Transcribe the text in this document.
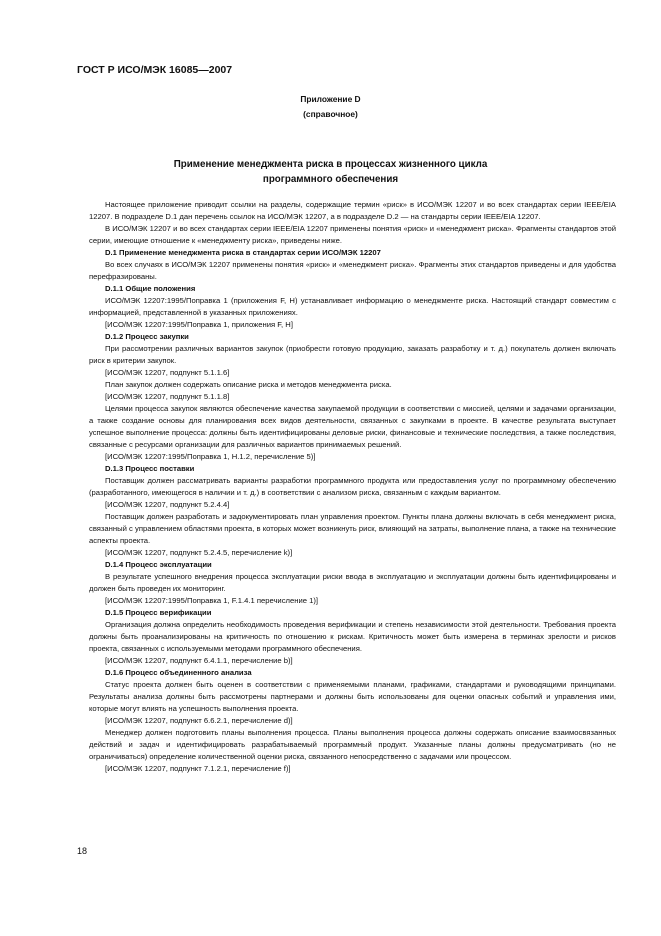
ГОСТ Р ИСО/МЭК 16085—2007
Приложение D
(справочное)
Применение менеджмента риска в процессах жизненного цикла
программного обеспечения

Настоящее приложение приводит ссылки на разделы, содержащие термин «риск» в ИСО/МЭК 12207 и во всех стандартах серии IEEE/EIA 12207. В подразделе D.1 дан перечень ссылок на ИСО/МЭК 12207, а в подразделе D.2 — на стандарты серии IEEE/EIA 12207.

В ИСО/МЭК 12207 и во всех стандартах серии IEEE/EIA 12207 применены понятия «риск» и «менеджмент риска». Фрагменты стандартов этой серии, имеющие отношение к «менеджменту риска», приведены ниже.

D.1 Применение менеджмента риска в стандартах серии ИСО/МЭК 12207

Во всех случаях в ИСО/МЭК 12207 применены понятия «риск» и «менеджмент риска». Фрагменты этих стандартов приведены и для удобства перефразированы.

D.1.1 Общие положения

ИСО/МЭК 12207:1995/Поправка 1 (приложения F, H) устанавливает информацию о менеджменте риска. Настоящий стандарт совместим с информацией, представленной в указанных приложениях.

[ИСО/МЭК 12207:1995/Поправка 1, приложения F, H]

D.1.2 Процесс закупки

При рассмотрении различных вариантов закупок (приобрести готовую продукцию, заказать разработку и т. д.) покупатель должен включать риск в критерии закупок.

[ИСО/МЭК 12207, подпункт 5.1.1.6]

План закупок должен содержать описание риска и методов менеджмента риска.

[ИСО/МЭК 12207, подпункт 5.1.1.8]

Целями процесса закупок являются обеспечение качества закупаемой продукции в соответствии с миссией, целями и задачами организации, а также создание основы для планирования всех видов деятельности, связанных с закупками в проекте. В качестве результата выступает успешное выполнение процесса: должны быть идентифицированы деловые риски, финансовые и технические последствия, а также последствия, связанные с ресурсами организации для различных вариантов принимаемых решений.

[ИСО/МЭК 12207:1995/Поправка 1, H.1.2, перечисление 5)]

D.1.3 Процесс поставки

Поставщик должен рассматривать варианты разработки программного продукта или предоставления услуг по программному обеспечению (разработанного, имеющегося в наличии и т. д.) в соответствии с анализом риска, связанным с каждым вариантом.

[ИСО/МЭК 12207, подпункт 5.2.4.4]

Поставщик должен разработать и задокументировать план управления проектом. Пункты плана должны включать в себя менеджмент риска, связанный с управлением областями проекта, в которых может возникнуть риск, влияющий на затраты, выполнение плана, а также на технические аспекты проекта.

[ИСО/МЭК 12207, подпункт 5.2.4.5, перечисление k)]

D.1.4 Процесс эксплуатации

В результате успешного внедрения процесса эксплуатации риски ввода в эксплуатацию и эксплуатации должны быть идентифицированы и должен быть проведен их мониторинг.

[ИСО/МЭК 12207:1995/Поправка 1, F.1.4.1 перечисление 1)]

D.1.5 Процесс верификации

Организация должна определить необходимость проведения верификации и степень независимости этой деятельности. Требования проекта должны быть проанализированы на критичность по отношению к рискам. Критичность может быть измерена в терминах зрелости и рисков проекта, связанных с используемыми методами программного обеспечения.

[ИСО/МЭК 12207, подпункт 6.4.1.1, перечисление b)]

D.1.6 Процесс объединенного анализа

Статус проекта должен быть оценен в соответствии с применяемыми планами, графиками, стандартами и руководящими принципами. Результаты анализа должны быть рассмотрены партнерами и должны быть использованы для оценки опасных событий и управления ими, которые могут влиять на успешность выполнения проекта.

[ИСО/МЭК 12207, подпункт 6.6.2.1, перечисление d)]

Менеджер должен подготовить планы выполнения процесса. Планы выполнения процесса должны содержать описание взаимосвязанных действий и задач и идентифицировать разрабатываемый программный продукт. Указанные планы должны предусматривать (но не ограничиваться) определение количественной оценки риска, связанного непосредственно с задачами или процессом.

[ИСО/МЭК 12207, подпункт 7.1.2.1, перечисление f)]

18
